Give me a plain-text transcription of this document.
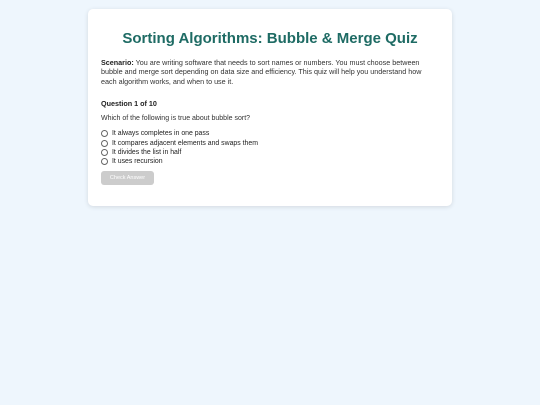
Sorting Algorithms: Bubble & Merge Quiz
Scenario: You are writing software that needs to sort names or numbers. You must choose between bubble and merge sort depending on data size and efficiency. This quiz will help you understand how each algorithm works, and when to use it.
Question 1 of 10
Which of the following is true about bubble sort?
It always completes in one pass
It compares adjacent elements and swaps them
It divides the list in half
It uses recursion
Check Answer
